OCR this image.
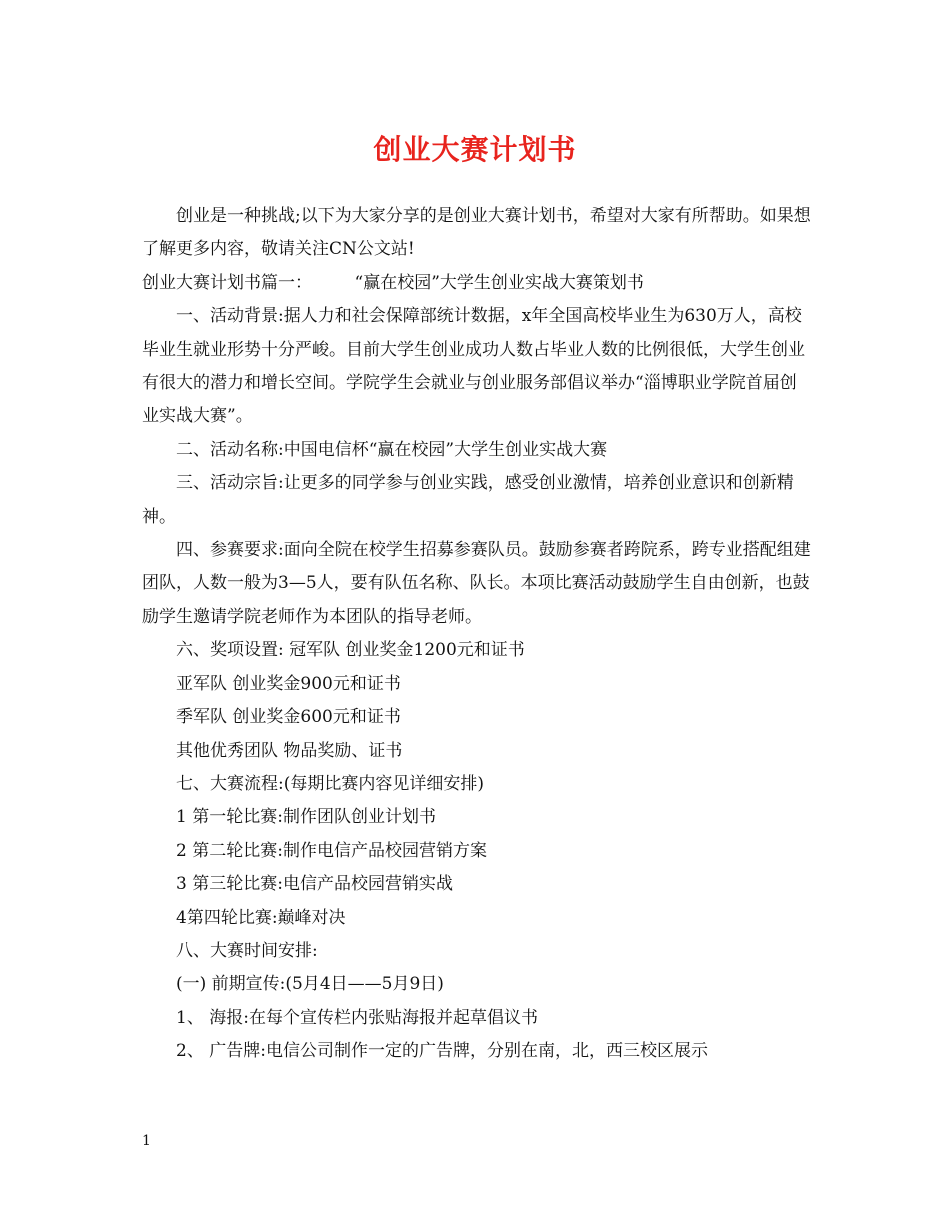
创业大赛计划书

创业是一种挑战;以下为大家分享的是创业大赛计划书，希望对大家有所帮助。如果想了解更多内容，敬请关注CN公文站!

创业大赛计划书篇一：　　　“赢在校园”大学生创业实战大赛策划书

一、活动背景:据人力和社会保障部统计数据，x年全国高校毕业生为630万人，高校毕业生就业形势十分严峻。目前大学生创业成功人数占毕业人数的比例很低，大学生创业有很大的潜力和增长空间。学院学生会就业与创业服务部倡议举办“淄博职业学院首届创业实战大赛”。

二、活动名称:中国电信杯“赢在校园”大学生创业实战大赛

三、活动宗旨:让更多的同学参与创业实践，感受创业激情，培养创业意识和创新精神。

四、参赛要求:面向全院在校学生招募参赛队员。鼓励参赛者跨院系，跨专业搭配组建团队，人数一般为3—5人，要有队伍名称、队长。本项比赛活动鼓励学生自由创新，也鼓励学生邀请学院老师作为本团队的指导老师。

六、奖项设置: 冠军队 创业奖金1200元和证书

亚军队 创业奖金900元和证书

季军队 创业奖金600元和证书

其他优秀团队 物品奖励、证书

七、大赛流程:(每期比赛内容见详细安排)

1 第一轮比赛:制作团队创业计划书

2 第二轮比赛:制作电信产品校园营销方案

3 第三轮比赛:电信产品校园营销实战

4第四轮比赛:巅峰对决

八、大赛时间安排:

(一) 前期宣传:(5月4日——5月9日)

1、 海报:在每个宣传栏内张贴海报并起草倡议书

2、 广告牌:电信公司制作一定的广告牌，分别在南，北，西三校区展示

1
